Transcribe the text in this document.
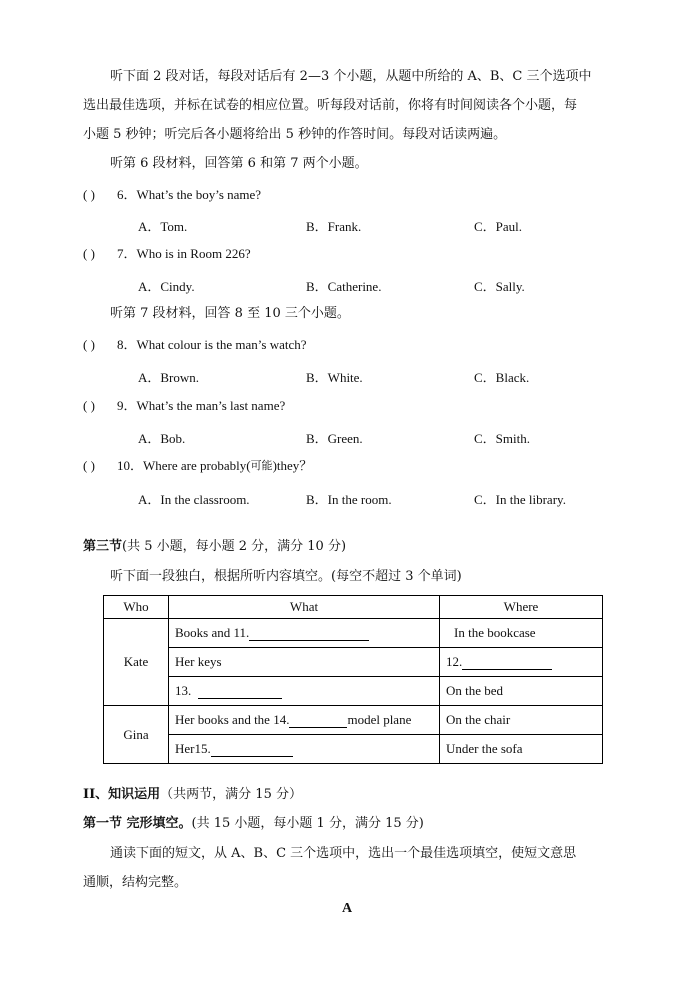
听下面 2 段对话，每段对话后有 2—3 个小题，从题中所给的 A、B、C 三个选项中
选出最佳选项，并标在试卷的相应位置。听每段对话前，你将有时间阅读各个小题，每
小题 5 秒钟；听完后各小题将给出 5 秒钟的作答时间。每段对话读两遍。
听第 6 段材料，回答第 6 和第 7 两个小题。
( ) 6．What’s the boy’s name?
A．Tom.	B．Frank.	C．Paul.
( ) 7．Who is in Room 226?
A．Cindy.	B．Catherine.	C．Sally.
听第 7 段材料，回答 8 至 10 三个小题。
( ) 8．What colour is the man’s watch?
A．Brown.	B．White.	C．Black.
( ) 9．What’s the man’s last name?
A．Bob.	B．Green.	C．Smith.
( ) 10．Where are probably($^{可能}$)they？
A．In the classroom.	B．In the room.	C．In the library.
第三节(共 5 小题，每小题 2 分，满分 10 分)
听下面一段独白，根据所听内容填空。(每空不超过 3 个单词)
Who	What	Where
Kate	Books and 11.	In the bookcase
	Her keys	12.
	13.	On the bed
Gina	Her books and the 14. model plane	On the chair
	Her15.	Under the sofa
II、知识运用（共两节，满分 15 分）
第一节 完形填空。(共 15 小题，每小题 1 分，满分 15 分)
通读下面的短文，从 A、B、C 三个选项中，选出一个最佳选项填空，使短文意思
通顺，结构完整。
A
